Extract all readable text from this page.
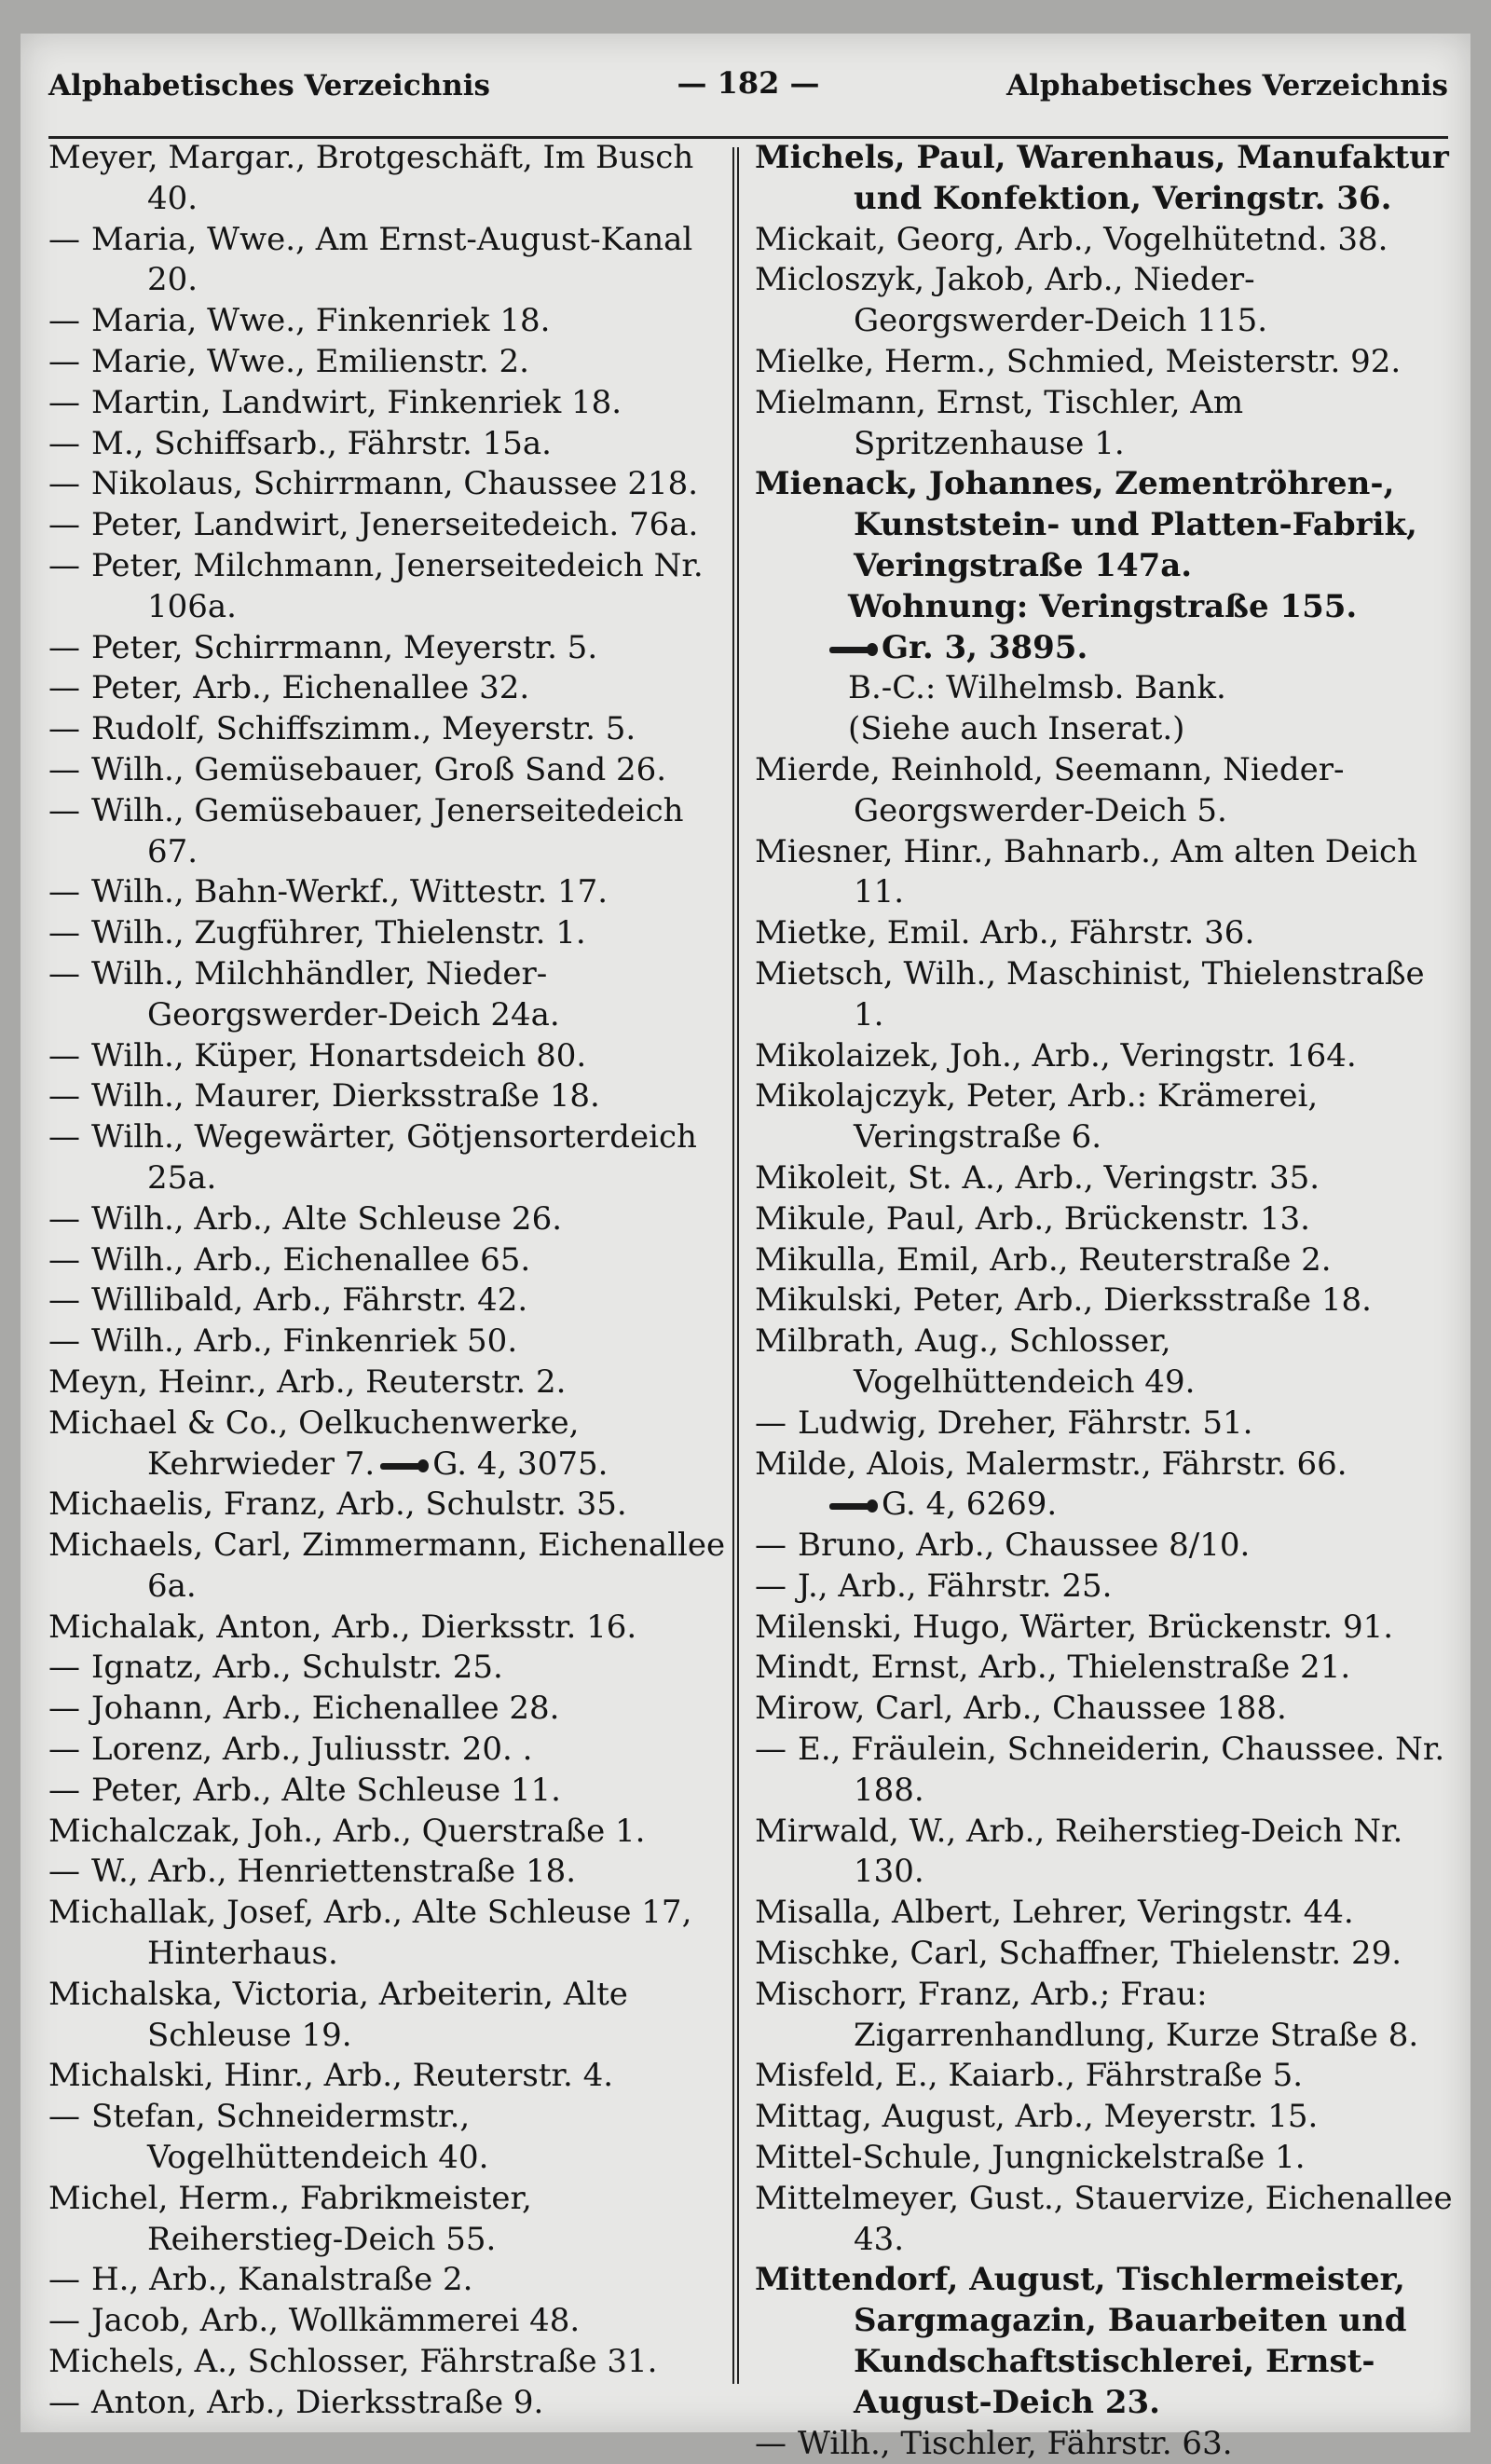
Alphabetisches Verzeichnis	— 182 —	Alphabetisches Verzeichnis

Meyer, Margar., Brotgeschäft, Im Busch 40.

— Maria, Wwe., Am Ernst-August-Kanal 20.

— Maria, Wwe., Finkenriek 18.

— Marie, Wwe., Emilienstr. 2.

— Martin, Landwirt, Finkenriek 18.

— M., Schiffsarb., Fährstr. 15a.

— Nikolaus, Schirrmann, Chaussee 218.

— Peter, Landwirt, Jenerseitedeich. 76a.

— Peter, Milchmann, Jenerseitedeich Nr. 106a.

— Peter, Schirrmann, Meyerstr. 5.

— Peter, Arb., Eichenallee 32.

— Rudolf, Schiffszimm., Meyerstr. 5.

— Wilh., Gemüsebauer, Groß Sand 26.

— Wilh., Gemüsebauer, Jenerseitedeich 67.

— Wilh., Bahn-Werkf., Wittestr. 17.

— Wilh., Zugführer, Thielenstr. 1.

— Wilh., Milchhändler, Nieder-Georgswerder-Deich 24a.

— Wilh., Küper, Honartsdeich 80.

— Wilh., Maurer, Dierksstraße 18.

— Wilh., Wegewärter, Götjensorterdeich 25a.

— Wilh., Arb., Alte Schleuse 26.

— Wilh., Arb., Eichenallee 65.

— Willibald, Arb., Fährstr. 42.

— Wilh., Arb., Finkenriek 50.

Meyn, Heinr., Arb., Reuterstr. 2.

Michael & Co., Oelkuchenwerke, Kehrwieder 7. G. 4, 3075.

Michaelis, Franz, Arb., Schulstr. 35.

Michaels, Carl, Zimmermann, Eichenallee 6a.

Michalak, Anton, Arb., Dierksstr. 16.

— Ignatz, Arb., Schulstr. 25.

— Johann, Arb., Eichenallee 28.

— Lorenz, Arb., Juliusstr. 20. .

— Peter, Arb., Alte Schleuse 11.

Michalczak, Joh., Arb., Querstraße 1.

— W., Arb., Henriettenstraße 18.

Michallak, Josef, Arb., Alte Schleuse 17, Hinterhaus.

Michalska, Victoria, Arbeiterin, Alte Schleuse 19.

Michalski, Hinr., Arb., Reuterstr. 4.

— Stefan, Schneidermstr., Vogelhüttendeich 40.

Michel, Herm., Fabrikmeister, Reiherstieg-Deich 55.

— H., Arb., Kanalstraße 2.

— Jacob, Arb., Wollkämmerei 48.

Michels, A., Schlosser, Fährstraße 31.

— Anton, Arb., Dierksstraße 9.

Michels, Paul, Warenhaus, Manufaktur und Konfektion, Veringstr. 36.

Mickait, Georg, Arb., Vogelhütetnd. 38.

Micloszyk, Jakob, Arb., Nieder-Georgswerder-Deich 115.

Mielke, Herm., Schmied, Meisterstr. 92.

Mielmann, Ernst, Tischler, Am Spritzenhause 1.

Mienack, Johannes, Zementröhren-, Kunststein- und Platten-Fabrik, Veringstraße 147a.

Wohnung: Veringstraße 155.

Gr. 3, 3895.

B.-C.: Wilhelmsb. Bank.

(Siehe auch Inserat.)

Mierde, Reinhold, Seemann, Nieder-Georgswerder-Deich 5.

Miesner, Hinr., Bahnarb., Am alten Deich 11.

Mietke, Emil. Arb., Fährstr. 36.

Mietsch, Wilh., Maschinist, Thielenstraße 1.

Mikolaizek, Joh., Arb., Veringstr. 164.

Mikolajczyk, Peter, Arb.: Krämerei, Veringstraße 6.

Mikoleit, St. A., Arb., Veringstr. 35.

Mikule, Paul, Arb., Brückenstr. 13.

Mikulla, Emil, Arb., Reuterstraße 2.

Mikulski, Peter, Arb., Dierksstraße 18.

Milbrath, Aug., Schlosser, Vogelhüttendeich 49.

— Ludwig, Dreher, Fährstr. 51.

Milde, Alois, Malermstr., Fährstr. 66.

G. 4, 6269.

— Bruno, Arb., Chaussee 8/10.

— J., Arb., Fährstr. 25.

Milenski, Hugo, Wärter, Brückenstr. 91.

Mindt, Ernst, Arb., Thielenstraße 21.

Mirow, Carl, Arb., Chaussee 188.

— E., Fräulein, Schneiderin, Chaussee. Nr. 188.

Mirwald, W., Arb., Reiherstieg-Deich Nr. 130.

Misalla, Albert, Lehrer, Veringstr. 44.

Mischke, Carl, Schaffner, Thielenstr. 29.

Mischorr, Franz, Arb.; Frau: Zigarrenhandlung, Kurze Straße 8.

Misfeld, E., Kaiarb., Fährstraße 5.

Mittag, August, Arb., Meyerstr. 15.

Mittel-Schule, Jungnickelstraße 1.

Mittelmeyer, Gust., Stauervize, Eichenallee 43.

Mittendorf, August, Tischlermeister, Sargmagazin, Bauarbeiten und Kundschaftstischlerei, Ernst-August-Deich 23.

— Wilh., Tischler, Fährstr. 63.
